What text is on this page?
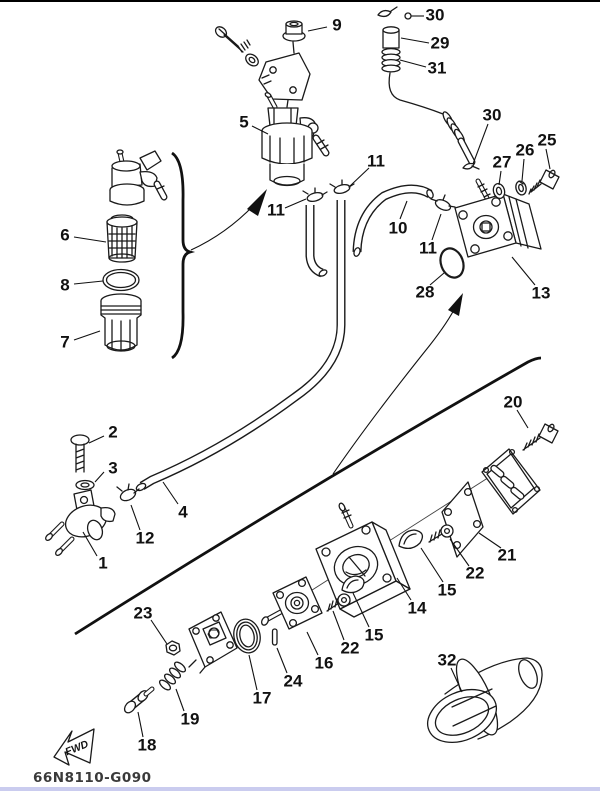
FWD
66N8110-G090
9
30
29
31
30
25
26
27
5
11
11
10
11
28	13
6
8
7
2
3
4
12
1
20
21
22
15
14
15
22
16
24
17
23
19
18
32
